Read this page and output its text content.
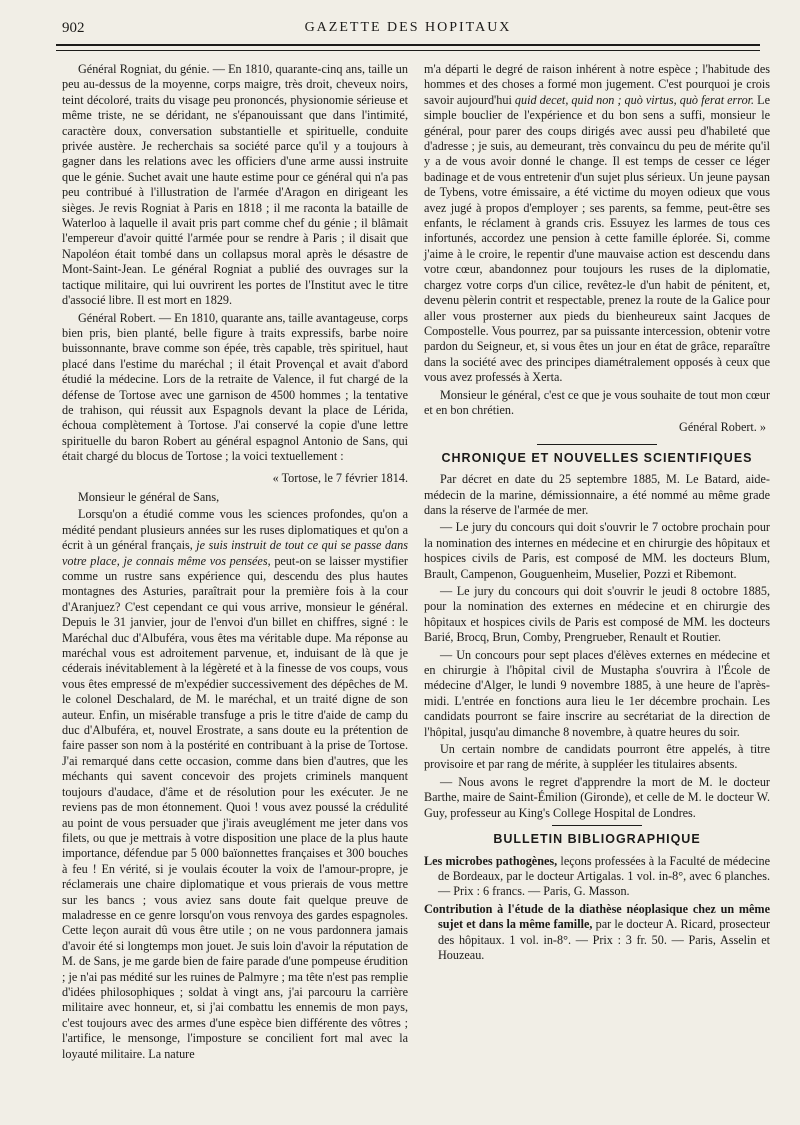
902	GAZETTE DES HOPITAUX

Général Rogniat, du génie. — En 1810, quarante-cinq ans, taille un peu au-dessus de la moyenne, corps maigre, très droit, cheveux noirs, teint décoloré, traits du visage peu prononcés, physionomie sérieuse et même triste, ne se déridant, ne s'épanouissant que dans l'intimité, caractère doux, conversation substantielle et spirituelle, conduite privée austère. Je recherchais sa société parce qu'il y a toujours à gagner dans les relations avec les officiers d'une arme aussi instruite que le génie. Suchet avait une haute estime pour ce général qui n'a pas peu contribué à l'illustration de l'armée d'Aragon en dirigeant les sièges. Je revis Rogniat à Paris en 1818 ; il me raconta la bataille de Waterloo à laquelle il avait pris part comme chef du génie ; il blâmait l'empereur d'avoir quitté l'armée pour se rendre à Paris ; il disait que Napoléon était tombé dans un collapsus moral après le désastre de Mont-Saint-Jean. Le général Rogniat a publié des ouvrages sur la tactique militaire, qui lui ouvrirent les portes de l'Institut avec le titre d'associé libre. Il est mort en 1829.

Général Robert. — En 1810, quarante ans, taille avantageuse, corps bien pris, bien planté, belle figure à traits expressifs, barbe noire buissonnante, brave comme son épée, très capable, très spirituel, haut placé dans l'estime du maréchal ; il était Provençal et avait d'abord étudié la médecine. Lors de la retraite de Valence, il fut chargé de la défense de Tortose avec une garnison de 4500 hommes ; la tentative de trahison, qui réussit aux Espagnols devant la place de Lérida, échoua complètement à Tortose. J'ai conservé la copie d'une lettre spirituelle du baron Robert au général espagnol Antonio de Sans, qui était chargé du blocus de Tortose ; la voici textuellement :

« Tortose, le 7 février 1814.

Monsieur le général de Sans,

Lorsqu'on a étudié comme vous les sciences profondes, qu'on a médité pendant plusieurs années sur les ruses diplomatiques et qu'on a écrit à un général français, je suis instruit de tout ce qui se passe dans votre place, je connais même vos pensées, peut-on se laisser mystifier comme un rustre sans expérience qui, descendu des plus hautes montagnes des Asturies, paraîtrait pour la première fois à la cour d'Aranjuez? C'est cependant ce qui vous arrive, monsieur le général. Depuis le 31 janvier, jour de l'envoi d'un billet en chiffres, signé : le Maréchal duc d'Albuféra, vous êtes ma véritable dupe. Ma réponse au maréchal vous est adroitement parvenue, et, induisant de là que je céderais inévitablement à la légèreté et à la finesse de vos coups, vous vous êtes empressé de m'expédier successivement des dépêches de M. le colonel Deschalard, de M. le maréchal, et un traité digne de son auteur. Enfin, un misérable transfuge a pris le titre d'aide de camp du duc d'Albuféra, et, nouvel Erostrate, a sans doute eu la prétention de faire passer son nom à la postérité en contribuant à la prise de Tortose. J'ai remarqué dans cette occasion, comme dans bien d'autres, que les méchants qui savent concevoir des projets criminels manquent toujours d'audace, d'âme et de résolution pour les exécuter. Je ne reviens pas de mon étonnement. Quoi ! vous avez poussé la crédulité au point de vous persuader que j'irais aveuglément me jeter dans vos filets, ou que je mettrais à votre disposition une place de la plus haute importance, défendue par 5 000 baïonnettes françaises et 300 bouches à feu ! En vérité, si je voulais écouter la voix de l'amour-propre, je réclamerais une chaire diplomatique et vous prierais de vous mettre sur les bancs ; vous aviez sans doute fait quelque preuve de maladresse en ce genre lorsqu'on vous renvoya des gardes espagnoles. Cette leçon aurait dû vous être utile ; on ne vous pardonnera jamais d'avoir été si longtemps mon jouet. Je suis loin d'avoir la réputation de M. de Sans, je me garde bien de faire parade d'une pompeuse érudition ; je n'ai pas médité sur les ruines de Palmyre ; ma tête n'est pas remplie d'idées philosophiques ; soldat à vingt ans, j'ai parcouru la carrière militaire avec honneur, et, si j'ai combattu les ennemis de mon pays, c'est toujours avec des armes d'une espèce bien différente des vôtres ; l'artifice, le mensonge, l'imposture se concilient fort mal avec la loyauté militaire. La nature

m'a départi le degré de raison inhérent à notre espèce ; l'habitude des hommes et des choses a formé mon jugement. C'est pourquoi je crois savoir aujourd'hui quid decet, quid non ; quò virtus, quò ferat error. Le simple bouclier de l'expérience et du bon sens a suffi, monsieur le général, pour parer des coups dirigés avec aussi peu d'habileté que d'adresse ; je suis, au demeurant, très convaincu du peu de mérite qu'il y a de vous avoir donné le change. Il est temps de cesser ce léger badinage et de vous entretenir d'un sujet plus sérieux. Un jeune paysan de Tybens, votre émissaire, a été victime du moyen odieux que vous avez jugé à propos d'employer ; ses parents, sa femme, peut-être ses enfants, le réclament à grands cris. Essuyez les larmes de tous ces infortunés, accordez une pension à cette famille éplorée. Si, comme j'aime à le croire, le repentir d'une mauvaise action est descendu dans votre cœur, abandonnez pour toujours les ruses de la diplomatie, chargez votre corps d'un cilice, revêtez-le d'un habit de pénitent, et, devenu pèlerin contrit et respectable, prenez la route de la Galice pour aller vous prosterner aux pieds du bienheureux saint Jacques de Compostelle. Vous pourrez, par sa puissante intercession, obtenir votre pardon du Seigneur, et, si vous êtes un jour en état de grâce, reparaître dans la société avec des principes diamétralement opposés à ceux que vous avez professés à Xerta.

Monsieur le général, c'est ce que je vous souhaite de tout mon cœur et en bon chrétien.

Général Robert. »

CHRONIQUE ET NOUVELLES SCIENTIFIQUES

Par décret en date du 25 septembre 1885, M. Le Batard, aide-médecin de la marine, démissionnaire, a été nommé au même grade dans la réserve de l'armée de mer.

— Le jury du concours qui doit s'ouvrir le 7 octobre prochain pour la nomination des internes en médecine et en chirurgie des hôpitaux et hospices civils de Paris, est composé de MM. les docteurs Blum, Brault, Campenon, Gouguenheim, Muselier, Pozzi et Ribemont.

— Le jury du concours qui doit s'ouvrir le jeudi 8 octobre 1885, pour la nomination des externes en médecine et en chirurgie des hôpitaux et hospices civils de Paris est composé de MM. les docteurs Barié, Brocq, Brun, Comby, Prengrueber, Renault et Routier.

— Un concours pour sept places d'élèves externes en médecine et en chirurgie à l'hôpital civil de Mustapha s'ouvrira à l'École de médecine d'Alger, le lundi 9 novembre 1885, à une heure de l'après-midi. L'entrée en fonctions aura lieu le 1er décembre prochain. Les candidats pourront se faire inscrire au secrétariat de la direction de l'hôpital, jusqu'au dimanche 8 novembre, à quatre heures du soir.

Un certain nombre de candidats pourront être appelés, à titre provisoire et par rang de mérite, à suppléer les titulaires absents.

— Nous avons le regret d'apprendre la mort de M. le docteur Barthe, maire de Saint-Émilion (Gironde), et celle de M. le docteur W. Guy, professeur au King's College Hospital de Londres.

BULLETIN BIBLIOGRAPHIQUE

Les microbes pathogènes, leçons professées à la Faculté de médecine de Bordeaux, par le docteur Artigalas. 1 vol. in-8°, avec 6 planches. — Prix : 6 francs. — Paris, G. Masson.

Contribution à l'étude de la diathèse néoplasique chez un même sujet et dans la même famille, par le docteur A. Ricard, prosecteur des hôpitaux. 1 vol. in-8°. — Prix : 3 fr. 50. — Paris, Asselin et Houzeau.
